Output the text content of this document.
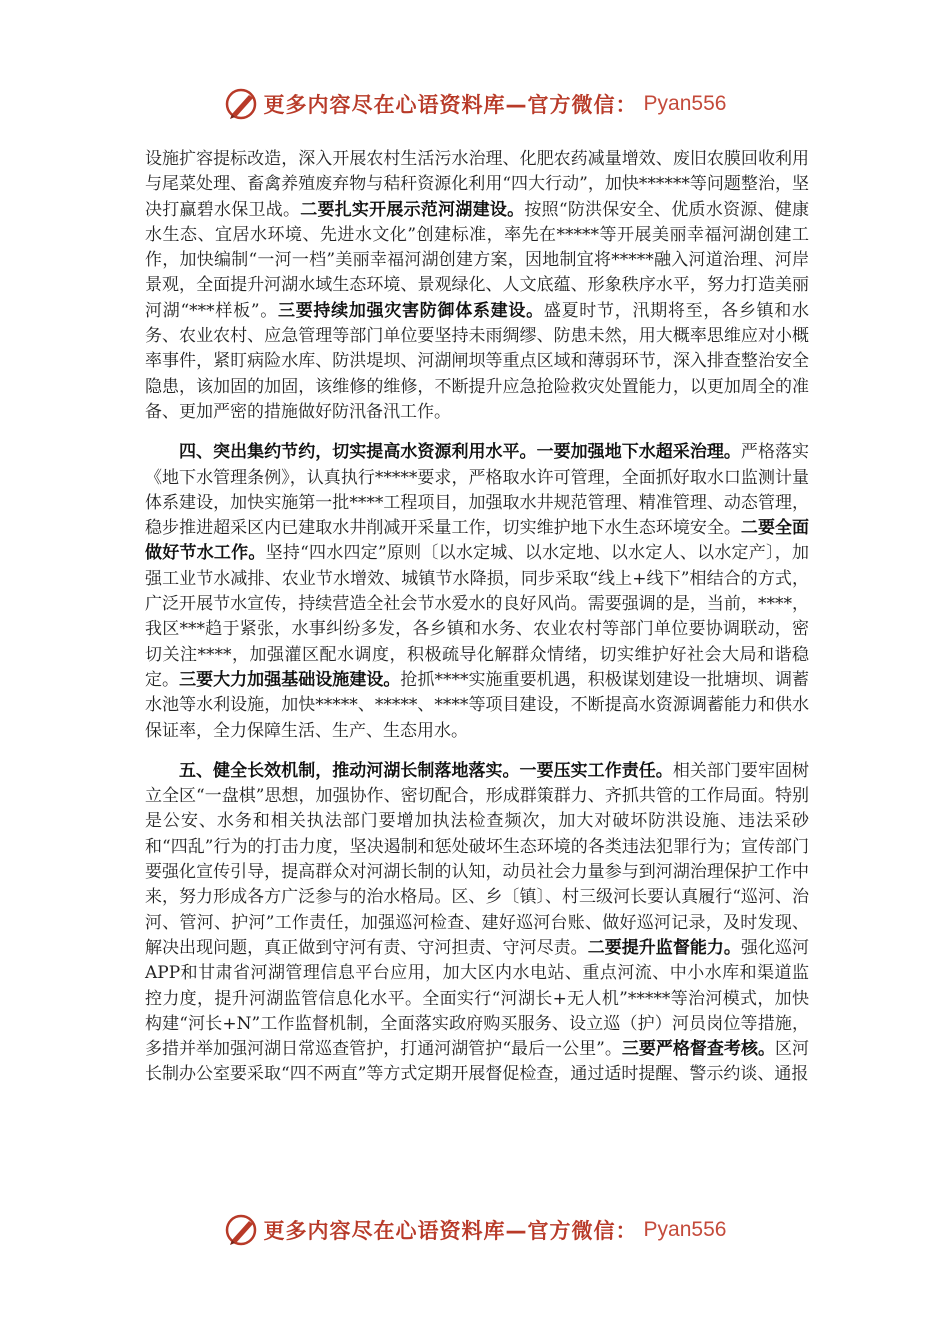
更多内容尽在心语资料库—官方微信： Pyan556

设施扩容提标改造，深入开展农村生活污水治理、化肥农药减量增效、废旧农膜回收利用与尾菜处理、畜禽养殖废弃物与秸秆资源化利用“四大行动”，加快******等问题整治，坚决打赢碧水保卫战。二要扎实开展示范河湖建设。按照“防洪保安全、优质水资源、健康水生态、宜居水环境、先进水文化”创建标准，率先在*****等开展美丽幸福河湖创建工作，加快编制“一河一档”美丽幸福河湖创建方案，因地制宜将*****融入河道治理、河岸景观，全面提升河湖水域生态环境、景观绿化、人文底蕴、形象秩序水平，努力打造美丽河湖“***样板”。三要持续加强灾害防御体系建设。盛夏时节，汛期将至，各乡镇和水务、农业农村、应急管理等部门单位要坚持未雨绸缪、防患未然，用大概率思维应对小概率事件，紧盯病险水库、防洪堤坝、河湖闸坝等重点区域和薄弱环节，深入排查整治安全隐患，该加固的加固，该维修的维修，不断提升应急抢险救灾处置能力，以更加周全的准备、更加严密的措施做好防汛备汛工作。

四、突出集约节约，切实提高水资源利用水平。一要加强地下水超采治理。严格落实《地下水管理条例》，认真执行*****要求，严格取水许可管理，全面抓好取水口监测计量体系建设，加快实施第一批****工程项目，加强取水井规范管理、精准管理、动态管理，稳步推进超采区内已建取水井削减开采量工作，切实维护地下水生态环境安全。二要全面做好节水工作。坚持“四水四定”原则〔以水定城、以水定地、以水定人、以水定产〕，加强工业节水减排、农业节水增效、城镇节水降损，同步采取“线上+线下”相结合的方式，广泛开展节水宣传，持续营造全社会节水爱水的良好风尚。需要强调的是，当前，****，我区***趋于紧张，水事纠纷多发，各乡镇和水务、农业农村等部门单位要协调联动，密切关注****，加强灌区配水调度，积极疏导化解群众情绪，切实维护好社会大局和谐稳定。三要大力加强基础设施建设。抢抓****实施重要机遇，积极谋划建设一批塘坝、调蓄水池等水利设施，加快*****、*****、****等项目建设，不断提高水资源调蓄能力和供水保证率，全力保障生活、生产、生态用水。

五、健全长效机制，推动河湖长制落地落实。一要压实工作责任。相关部门要牢固树立全区“一盘棋”思想，加强协作、密切配合，形成群策群力、齐抓共管的工作局面。特别是公安、水务和相关执法部门要增加执法检查频次，加大对破坏防洪设施、违法采砂和“四乱”行为的打击力度，坚决遏制和惩处破坏生态环境的各类违法犯罪行为；宣传部门要强化宣传引导，提高群众对河湖长制的认知，动员社会力量参与到河湖治理保护工作中来，努力形成各方广泛参与的治水格局。区、乡〔镇〕、村三级河长要认真履行“巡河、治河、管河、护河”工作责任，加强巡河检查、建好巡河台账、做好巡河记录，及时发现、解决出现问题，真正做到守河有责、守河担责、守河尽责。二要提升监督能力。强化巡河APP和甘肃省河湖管理信息平台应用，加大区内水电站、重点河流、中小水库和渠道监控力度，提升河湖监管信息化水平。全面实行“河湖长+无人机”*****等治河模式，加快构建“河长+N”工作监督机制，全面落实政府购买服务、设立巡（护）河员岗位等措施，多措并举加强河湖日常巡查管护，打通河湖管护“最后一公里”。三要严格督查考核。区河长制办公室要采取“四不两直”等方式定期开展督促检查，通过适时提醒、警示约谈、通报

更多内容尽在心语资料库—官方微信： Pyan556
